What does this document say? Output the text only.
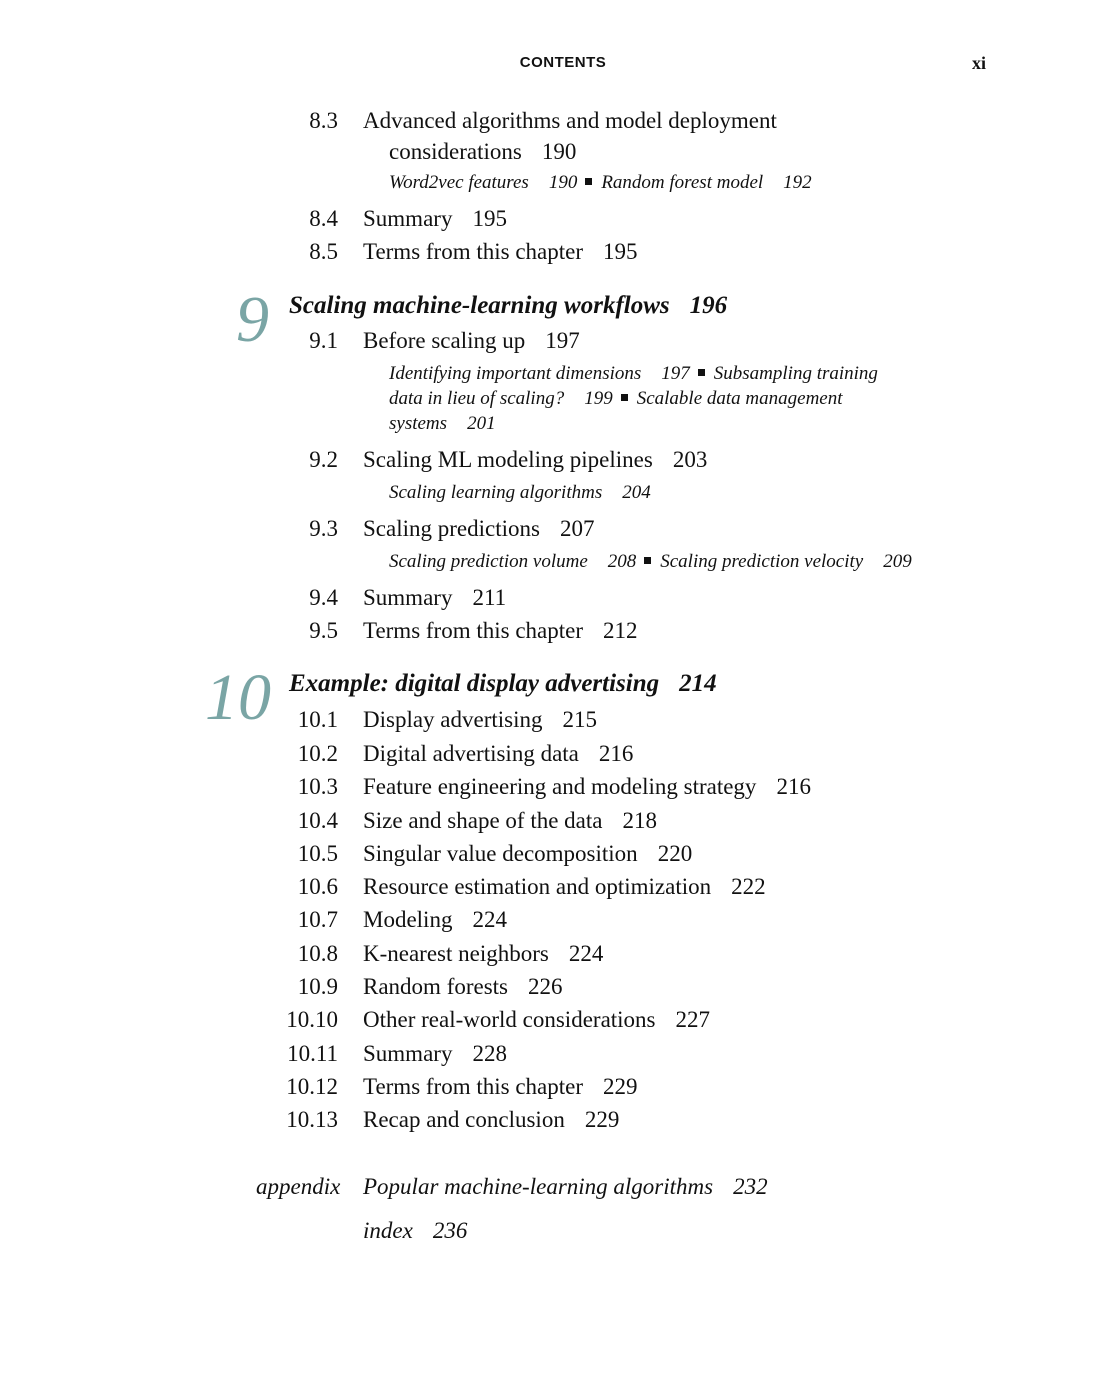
CONTENTS	xi
8.3 Advanced algorithms and model deployment
considerations 190
Word2vec features 190 Random forest model 192
8.4 Summary 195
8.5 Terms from this chapter 195
9 Scaling machine-learning workflows 196
9.1 Before scaling up 197
Identifying important dimensions 197 Subsampling training
data in lieu of scaling? 199 Scalable data management
systems 201
9.2 Scaling ML modeling pipelines 203
Scaling learning algorithms 204
9.3 Scaling predictions 207
Scaling prediction volume 208 Scaling prediction velocity 209
9.4 Summary 211
9.5 Terms from this chapter 212
10 Example: digital display advertising 214
10.1 Display advertising 215
10.2 Digital advertising data 216
10.3 Feature engineering and modeling strategy 216
10.4 Size and shape of the data 218
10.5 Singular value decomposition 220
10.6 Resource estimation and optimization 222
10.7 Modeling 224
10.8 K-nearest neighbors 224
10.9 Random forests 226
10.10 Other real-world considerations 227
10.11 Summary 228
10.12 Terms from this chapter 229
10.13 Recap and conclusion 229
appendix Popular machine-learning algorithms 232
index 236
